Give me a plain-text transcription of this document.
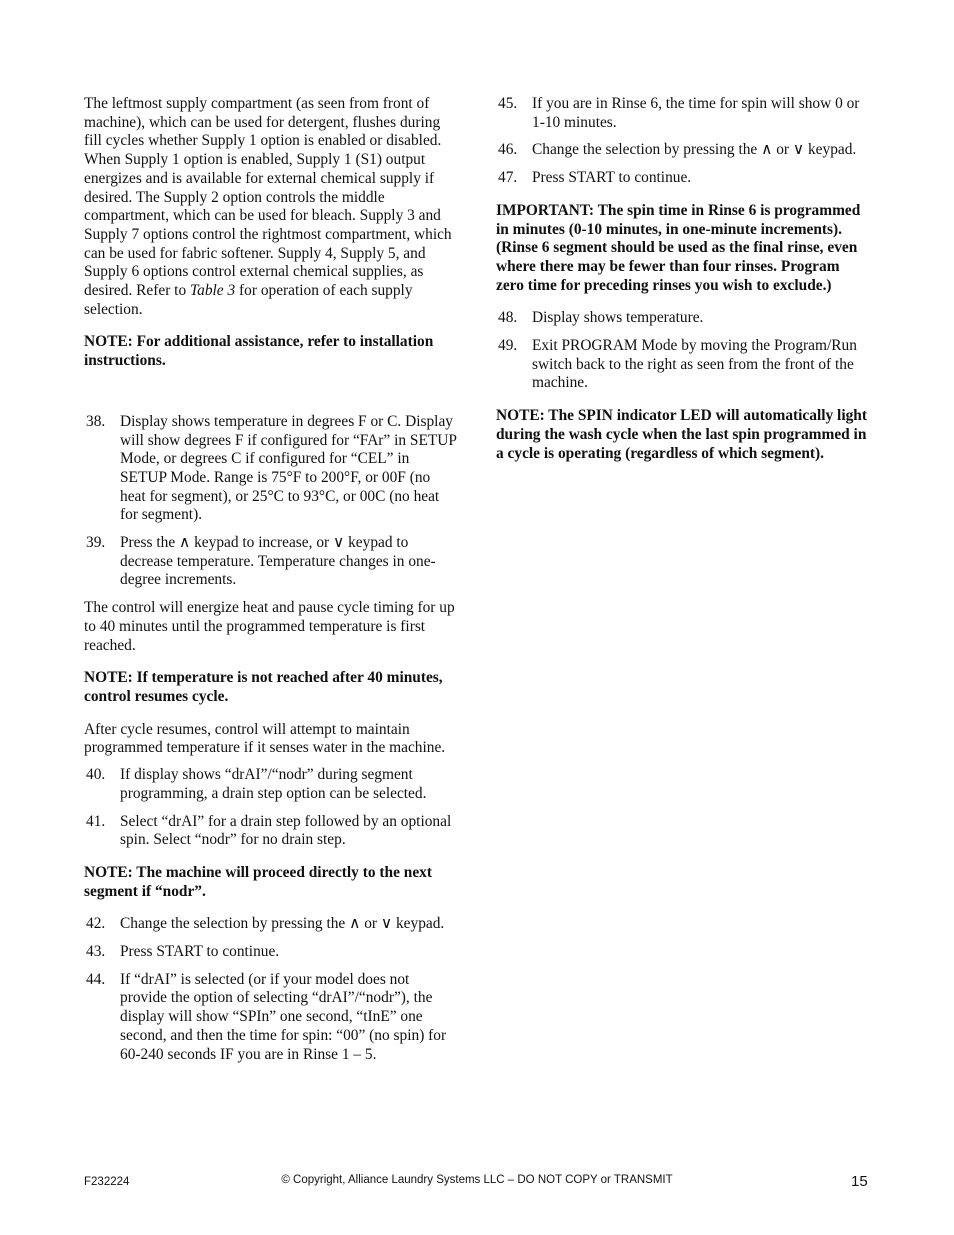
The leftmost supply compartment (as seen from front of machine), which can be used for detergent, flushes during fill cycles whether Supply 1 option is enabled or disabled. When Supply 1 option is enabled, Supply 1 (S1) output energizes and is available for external chemical supply if desired. The Supply 2 option controls the middle compartment, which can be used for bleach. Supply 3 and Supply 7 options control the rightmost compartment, which can be used for fabric softener. Supply 4, Supply 5, and Supply 6 options control external chemical supplies, as desired. Refer to Table 3 for operation of each supply selection.

NOTE: For additional assistance, refer to installation instructions.

38. Display shows temperature in degrees F or C. Display will show degrees F if configured for “FAr” in SETUP Mode, or degrees C if configured for “CEL” in SETUP Mode. Range is 75°F to 200°F, or 00F (no heat for segment), or 25°C to 93°C, or 00C (no heat for segment).
39. Press the ∧ keypad to increase, or ∨ keypad to decrease temperature. Temperature changes in one-degree increments.

The control will energize heat and pause cycle timing for up to 40 minutes until the programmed temperature is first reached.

NOTE: If temperature is not reached after 40 minutes, control resumes cycle.

After cycle resumes, control will attempt to maintain programmed temperature if it senses water in the machine.

40. If display shows “drAI”/“nodr” during segment programming, a drain step option can be selected.
41. Select “drAI” for a drain step followed by an optional spin. Select “nodr” for no drain step.

NOTE: The machine will proceed directly to the next segment if “nodr”.

42. Change the selection by pressing the ∧ or ∨ keypad.
43. Press START to continue.
44. If “drAI” is selected (or if your model does not provide the option of selecting “drAI”/“nodr”), the display will show “SPIn” one second, “tInE” one second, and then the time for spin: “00” (no spin) for 60-240 seconds IF you are in Rinse 1 – 5.
45. If you are in Rinse 6, the time for spin will show 0 or 1-10 minutes.
46. Change the selection by pressing the ∧ or ∨ keypad.
47. Press START to continue.

IMPORTANT: The spin time in Rinse 6 is programmed in minutes (0-10 minutes, in one-minute increments). (Rinse 6 segment should be used as the final rinse, even where there may be fewer than four rinses. Program zero time for preceding rinses you wish to exclude.)

48. Display shows temperature.
49. Exit PROGRAM Mode by moving the Program/Run switch back to the right as seen from the front of the machine.

NOTE: The SPIN indicator LED will automatically light during the wash cycle when the last spin programmed in a cycle is operating (regardless of which segment).

F232224	© Copyright, Alliance Laundry Systems LLC – DO NOT COPY or TRANSMIT	15
